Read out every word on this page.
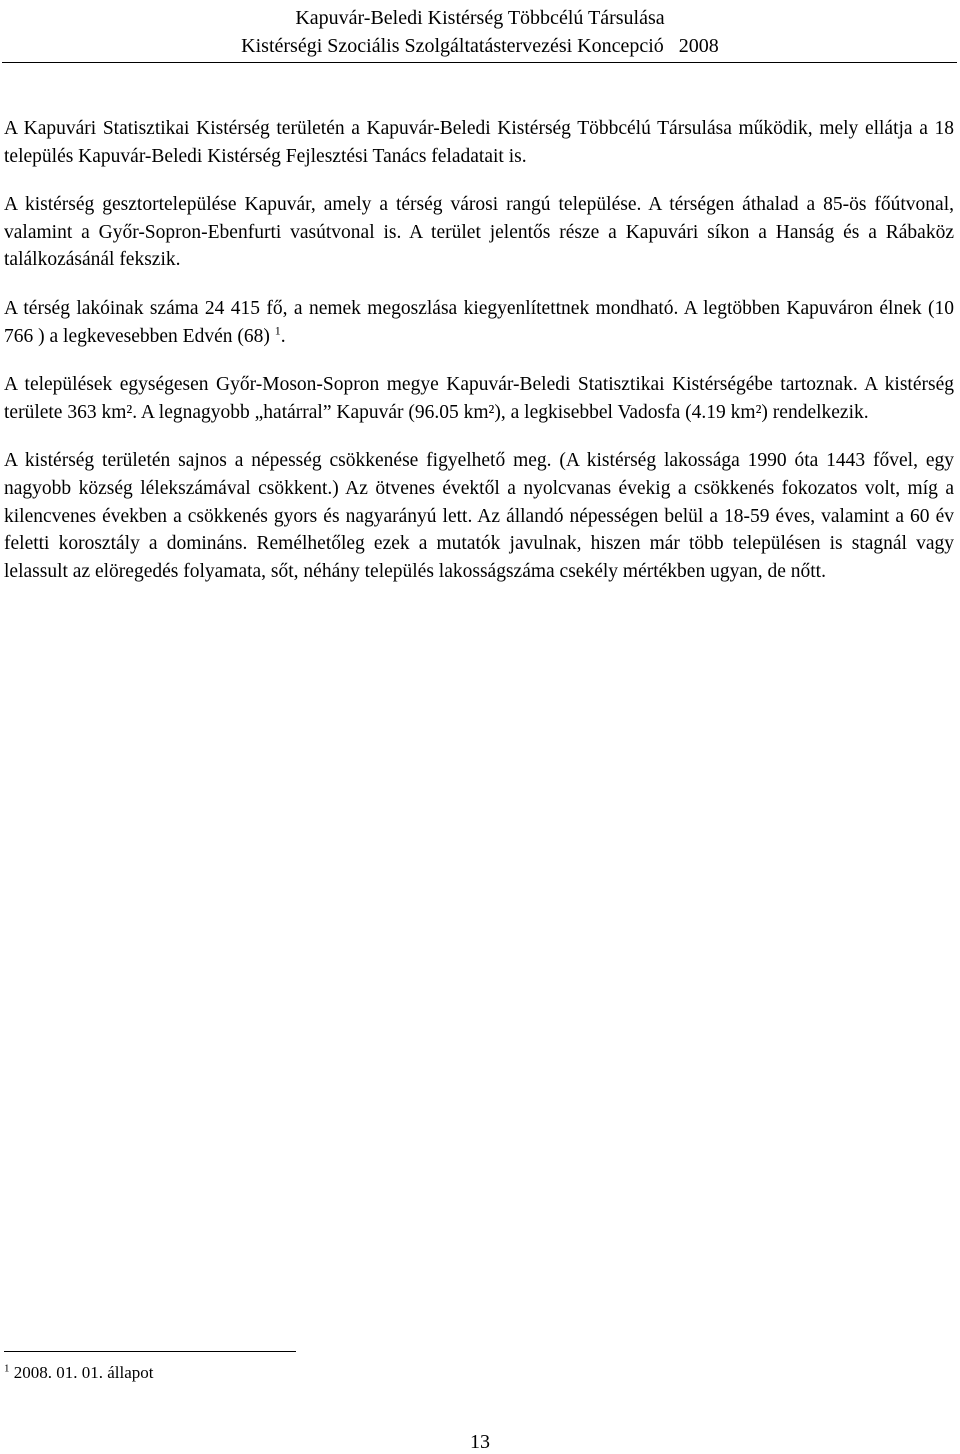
Kapuvár-Beledi Kistérség Többcélú Társulása
Kistérségi Szociális Szolgáltatástervezési Koncepció   2008

A Kapuvári Statisztikai Kistérség területén a Kapuvár-Beledi Kistérség Többcélú Társulása működik, mely ellátja a 18 település Kapuvár-Beledi Kistérség Fejlesztési Tanács feladatait is.

A kistérség gesztortelepülése Kapuvár, amely a térség városi rangú települése. A térségen áthalad a 85-ös főútvonal, valamint a Győr-Sopron-Ebenfurti vasútvonal is. A terület jelentős része a Kapuvári síkon a Hanság és a Rábaköz találkozásánál fekszik.

A térség lakóinak száma 24 415 fő, a nemek megoszlása kiegyenlítettnek mondható. A legtöbben Kapuváron élnek (10 766 ) a legkevesebben Edvén (68) $^1$.

A települések egységesen Győr-Moson-Sopron megye Kapuvár-Beledi Statisztikai Kistérségébe tartoznak. A kistérség területe 363 km². A legnagyobb „határral” Kapuvár (96.05 km²), a legkisebbel Vadosfa (4.19 km²) rendelkezik.

A kistérség területén sajnos a népesség csökkenése figyelhető meg. (A kistérség lakossága 1990 óta 1443 fővel, egy nagyobb község lélekszámával csökkent.) Az ötvenes évektől a nyolcvanas évekig a csökkenés fokozatos volt, míg a kilencvenes években a csökkenés gyors és nagyarányú lett. Az állandó népességen belül a 18-59 éves, valamint a 60 év feletti korosztály a domináns. Remélhetőleg ezek a mutatók javulnak, hiszen már több településen is stagnál vagy lelassult az elöregedés folyamata, sőt, néhány település lakosságszáma csekély mértékben ugyan, de nőtt.

$^1$ 2008. 01. 01. állapot
13
